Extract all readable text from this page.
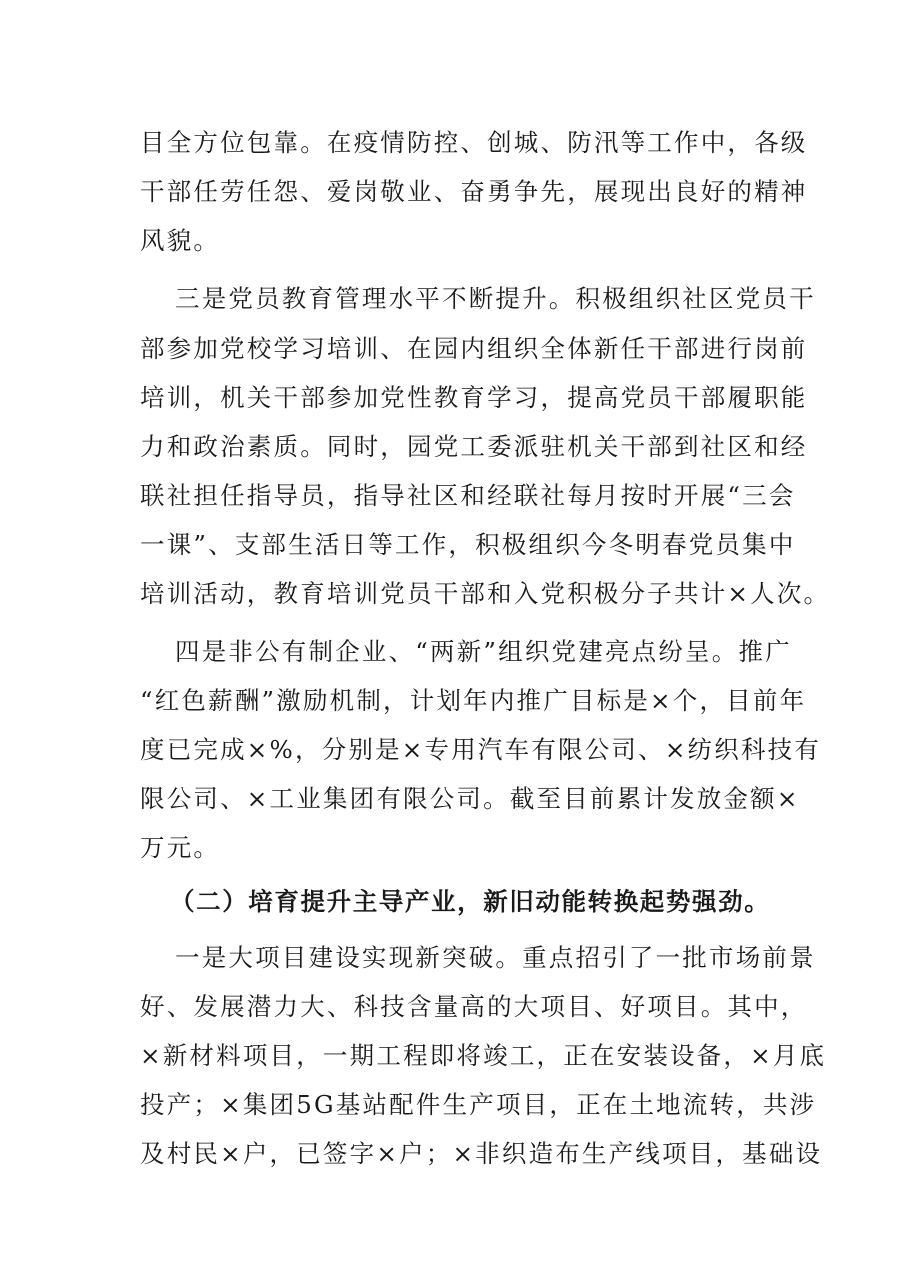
目全方位包靠。在疫情防控、创城、防汛等工作中，各级
干部任劳任怨、爱岗敬业、奋勇争先，展现出良好的精神
风貌。
三是党员教育管理水平不断提升。积极组织社区党员干
部参加党校学习培训、在园内组织全体新任干部进行岗前
培训，机关干部参加党性教育学习，提高党员干部履职能
力和政治素质。同时，园党工委派驻机关干部到社区和经
联社担任指导员，指导社区和经联社每月按时开展“三会
一课”、支部生活日等工作，积极组织今冬明春党员集中
培训活动，教育培训党员干部和入党积极分子共计×人次。
四是非公有制企业、“两新”组织党建亮点纷呈。推广
“红色薪酬”激励机制，计划年内推广目标是×个，目前年
度已完成×%，分别是×专用汽车有限公司、×纺织科技有
限公司、×工业集团有限公司。截至目前累计发放金额×
万元。
（二）培育提升主导产业，新旧动能转换起势强劲。
一是大项目建设实现新突破。重点招引了一批市场前景
好、发展潜力大、科技含量高的大项目、好项目。其中，
×新材料项目，一期工程即将竣工，正在安装设备，×月底
投产；×集团5G基站配件生产项目，正在土地流转，共涉
及村民×户，已签字×户；×非织造布生产线项目，基础设
